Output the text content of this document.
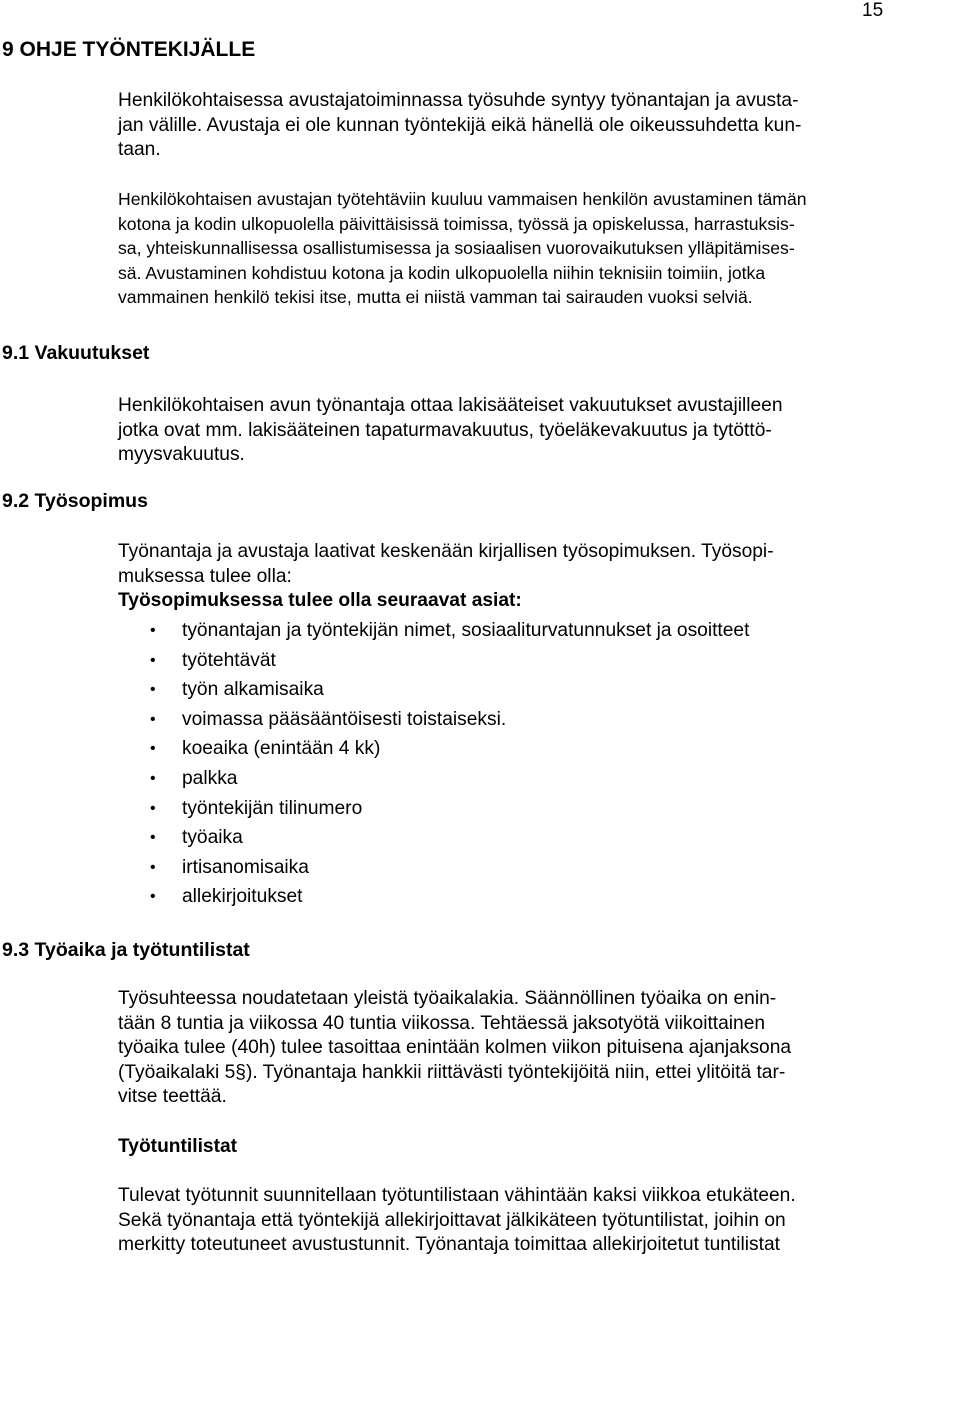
15
9 OHJE TYÖNTEKIJÄLLE
Henkilökohtaisessa avustajatoiminnassa työsuhde syntyy työnantajan ja avusta-
jan välille. Avustaja ei ole kunnan työntekijä eikä hänellä ole oikeussuhdetta kun-
taan.
Henkilökohtaisen avustajan työtehtäviin kuuluu vammaisen henkilön avustaminen tämän
kotona ja kodin ulkopuolella päivittäisissä toimissa, työssä ja opiskelussa, harrastuksis-
sa, yhteiskunnallisessa osallistumisessa ja sosiaalisen vuorovaikutuksen ylläpitämises-
sä. Avustaminen kohdistuu kotona ja kodin ulkopuolella niihin teknisiin toimiin, jotka
vammainen henkilö tekisi itse, mutta ei niistä vamman tai sairauden vuoksi selviä.
9.1 Vakuutukset
Henkilökohtaisen avun työnantaja ottaa lakisääteiset vakuutukset avustajilleen
jotka ovat mm. lakisääteinen tapaturmavakuutus, työeläkevakuutus ja tytöttö-
myysvakuutus.
9.2 Työsopimus
Työnantaja ja avustaja laativat keskenään kirjallisen työsopimuksen. Työsopi-
muksessa tulee olla:
Työsopimuksessa tulee olla seuraavat asiat:
• työnantajan ja työntekijän nimet, sosiaaliturvatunnukset ja osoitteet
• työtehtävät
• työn alkamisaika
• voimassa pääsääntöisesti toistaiseksi.
• koeaika (enintään 4 kk)
• palkka
• työntekijän tilinumero
• työaika
• irtisanomisaika
• allekirjoitukset
9.3 Työaika ja työtuntilistat
Työsuhteessa noudatetaan yleistä työaikalakia. Säännöllinen työaika on enin-
tään 8 tuntia ja viikossa 40 tuntia viikossa. Tehtäessä jaksotyötä viikoittainen
työaika tulee (40h) tulee tasoittaa enintään kolmen viikon pituisena ajanjaksona
(Työaikalaki 5§). Työnantaja hankkii riittävästi työntekijöitä niin, ettei ylitöitä tar-
vitse teettää.
Työtuntilistat
Tulevat työtunnit suunnitellaan työtuntilistaan vähintään kaksi viikkoa etukäteen.
Sekä työnantaja että työntekijä allekirjoittavat jälkikäteen työtuntilistat, joihin on
merkitty toteutuneet avustustunnit. Työnantaja toimittaa allekirjoitetut tuntilistat
